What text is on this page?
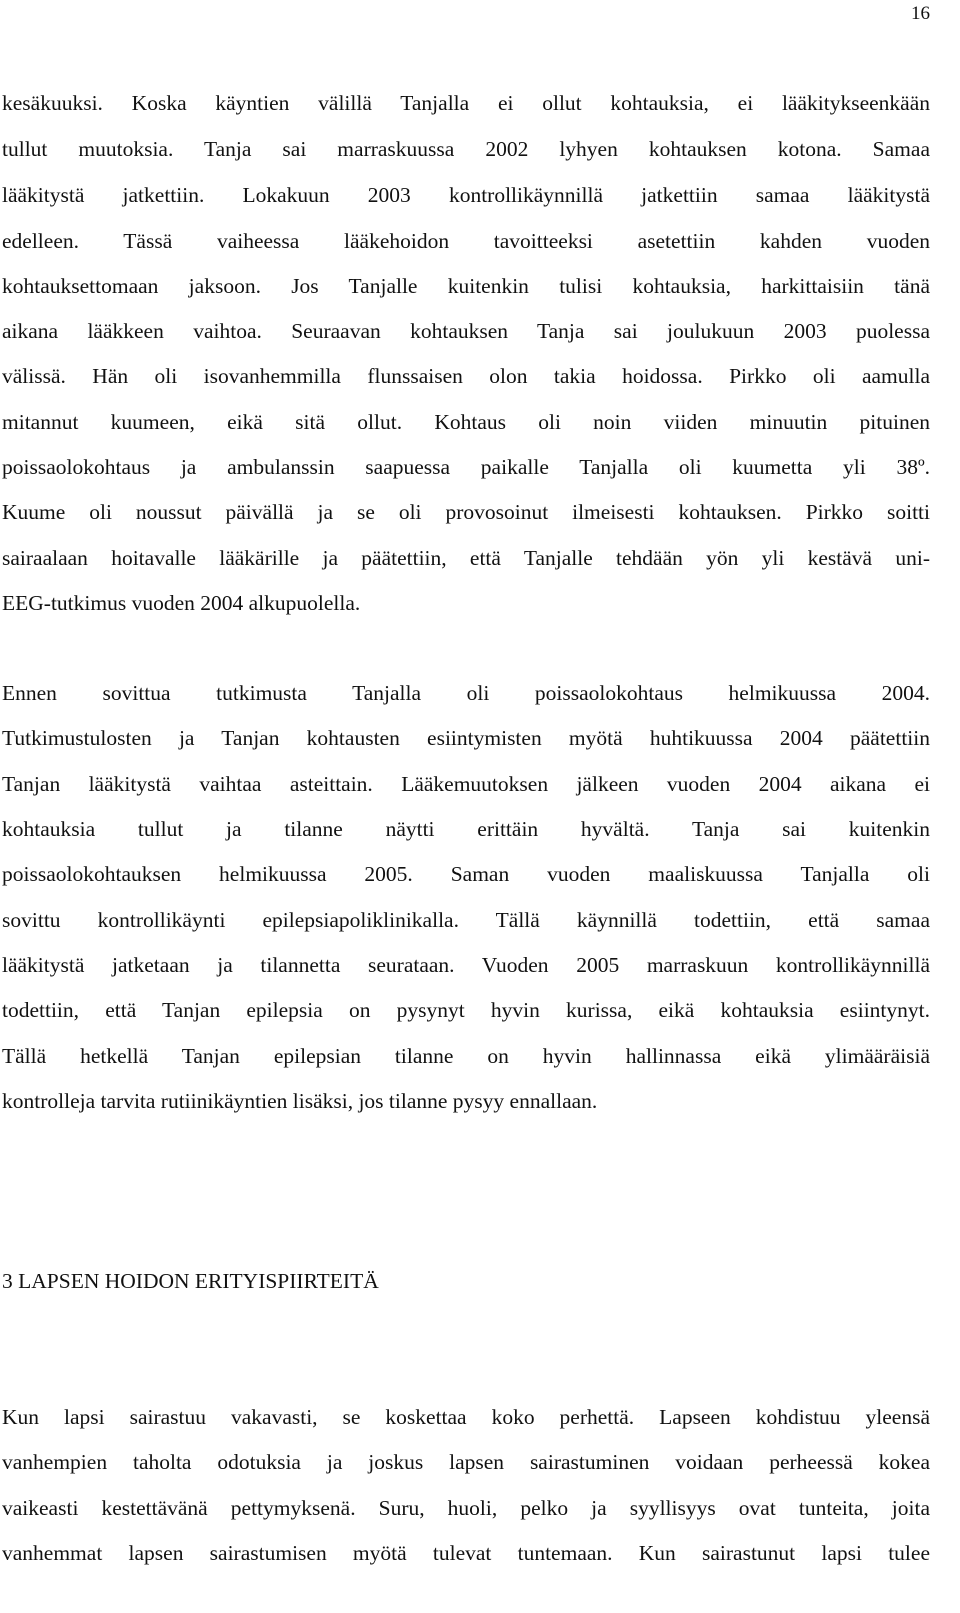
16
kesäkuuksi. Koska käyntien välillä Tanjalla ei ollut kohtauksia, ei lääkitykseenkään
tullut muutoksia. Tanja sai marraskuussa 2002 lyhyen kohtauksen kotona. Samaa
lääkitystä jatkettiin. Lokakuun 2003 kontrollikäynnillä jatkettiin samaa lääkitystä
edelleen. Tässä vaiheessa lääkehoidon tavoitteeksi asetettiin kahden vuoden
kohtauksettomaan jaksoon. Jos Tanjalle kuitenkin tulisi kohtauksia, harkittaisiin tänä
aikana lääkkeen vaihtoa. Seuraavan kohtauksen Tanja sai joulukuun 2003 puolessa
välissä. Hän oli isovanhemmilla flunssaisen olon takia hoidossa. Pirkko oli aamulla
mitannut kuumeen, eikä sitä ollut. Kohtaus oli noin viiden minuutin pituinen
poissaolokohtaus ja ambulanssin saapuessa paikalle Tanjalla oli kuumetta yli 38º.
Kuume oli noussut päivällä ja se oli provosoinut ilmeisesti kohtauksen. Pirkko soitti
sairaalaan hoitavalle lääkärille ja päätettiin, että Tanjalle tehdään yön yli kestävä uni-
EEG-tutkimus vuoden 2004 alkupuolella.
Ennen sovittua tutkimusta Tanjalla oli poissaolokohtaus helmikuussa 2004.
Tutkimustulosten ja Tanjan kohtausten esiintymisten myötä huhtikuussa 2004 päätettiin
Tanjan lääkitystä vaihtaa asteittain. Lääkemuutoksen jälkeen vuoden 2004 aikana ei
kohtauksia tullut ja tilanne näytti erittäin hyvältä. Tanja sai kuitenkin
poissaolokohtauksen helmikuussa 2005. Saman vuoden maaliskuussa Tanjalla oli
sovittu kontrollikäynti epilepsiapoliklinikalla. Tällä käynnillä todettiin, että samaa
lääkitystä jatketaan ja tilannetta seurataan. Vuoden 2005 marraskuun kontrollikäynnillä
todettiin, että Tanjan epilepsia on pysynyt hyvin kurissa, eikä kohtauksia esiintynyt.
Tällä hetkellä Tanjan epilepsian tilanne on hyvin hallinnassa eikä ylimääräisiä
kontrolleja tarvita rutiinikäyntien lisäksi, jos tilanne pysyy ennallaan.
3 LAPSEN HOIDON ERITYISPIIRTEITÄ
Kun lapsi sairastuu vakavasti, se koskettaa koko perhettä. Lapseen kohdistuu yleensä
vanhempien taholta odotuksia ja joskus lapsen sairastuminen voidaan perheessä kokea
vaikeasti kestettävänä pettymyksenä. Suru, huoli, pelko ja syyllisyys ovat tunteita, joita
vanhemmat lapsen sairastumisen myötä tulevat tuntemaan. Kun sairastunut lapsi tulee
